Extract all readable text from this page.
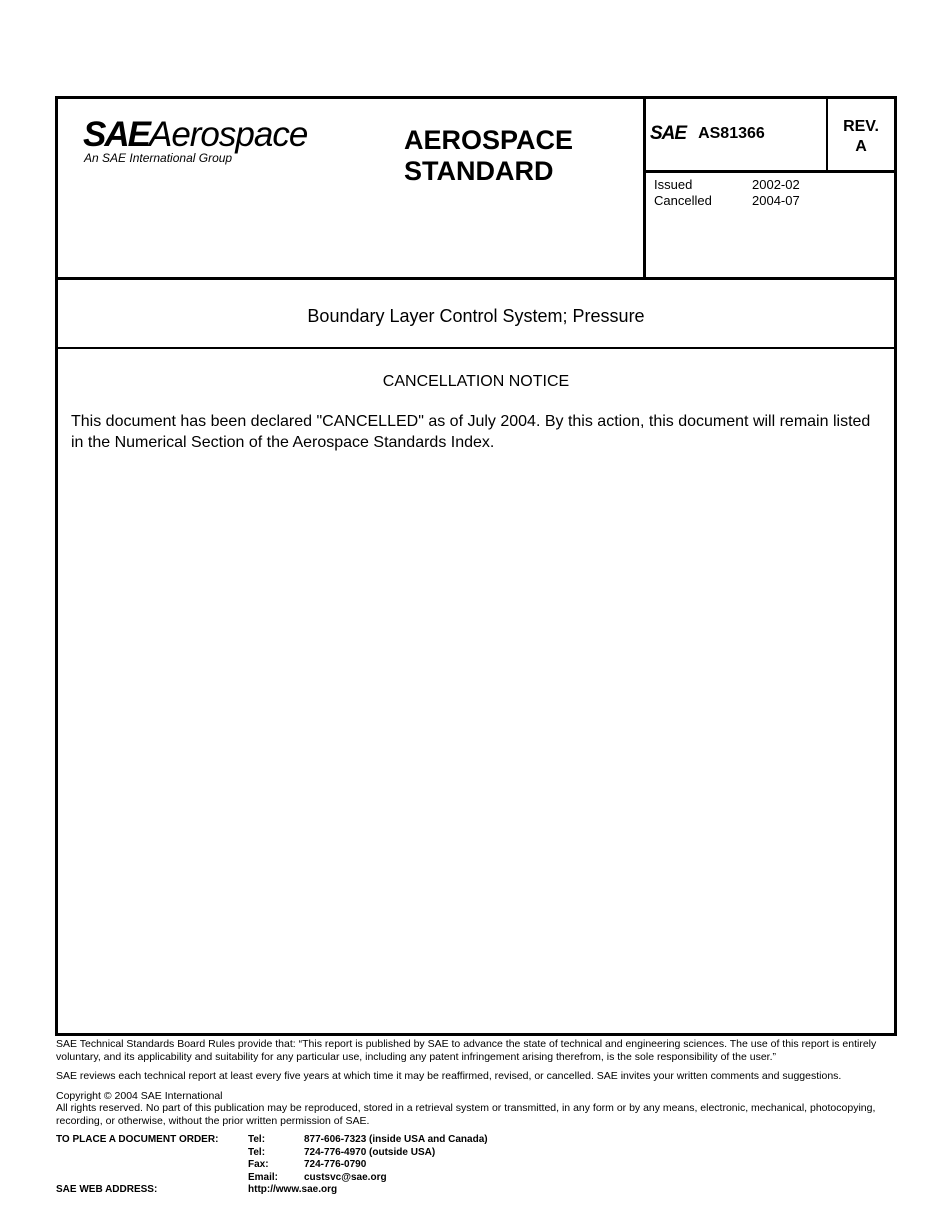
SAEAerospace
An SAE International Group
AEROSPACE
STANDARD
SAE AS81366	REV.
A
Issued	2002-02
Cancelled	2004-07
Boundary Layer Control System; Pressure
CANCELLATION NOTICE
This document has been declared "CANCELLED" as of July 2004. By this action, this document will remain listed in the Numerical Section of the Aerospace Standards Index.

SAE Technical Standards Board Rules provide that: “This report is published by SAE to advance the state of technical and engineering sciences. The use of this report is entirely voluntary, and its applicability and suitability for any particular use, including any patent infringement arising therefrom, is the sole responsibility of the user.”

SAE reviews each technical report at least every five years at which time it may be reaffirmed, revised, or cancelled. SAE invites your written comments and suggestions.

Copyright © 2004 SAE International
All rights reserved. No part of this publication may be reproduced, stored in a retrieval system or transmitted, in any form or by any means, electronic, mechanical, photocopying, recording, or otherwise, without the prior written permission of SAE.

TO PLACE A DOCUMENT ORDER:	Tel:	877-606-7323 (inside USA and Canada)
Tel:	724-776-4970 (outside USA)
Fax:	724-776-0790
Email:	custsvc@sae.org
SAE WEB ADDRESS:	http://www.sae.org
